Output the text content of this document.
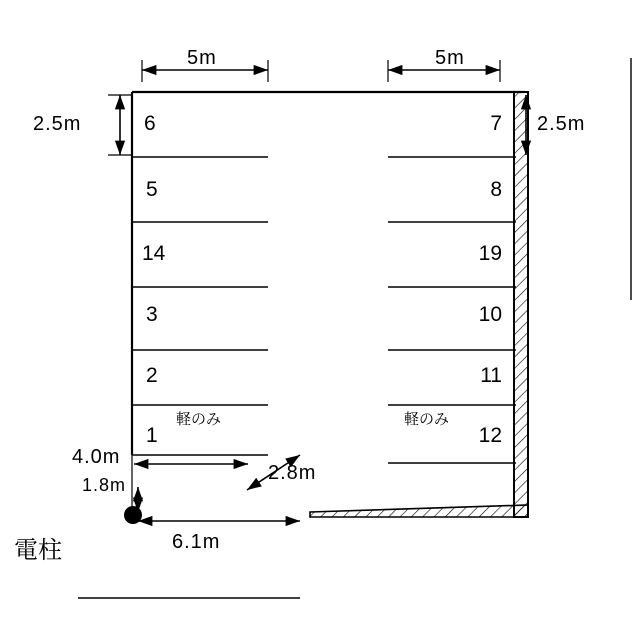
6
5
14
3
2
1
7
8
19
10
11
12
軽のみ	軽のみ
電柱
5m	5m
2.5m	2.5m
4.0m
1.8m
2.8m
6.1m
